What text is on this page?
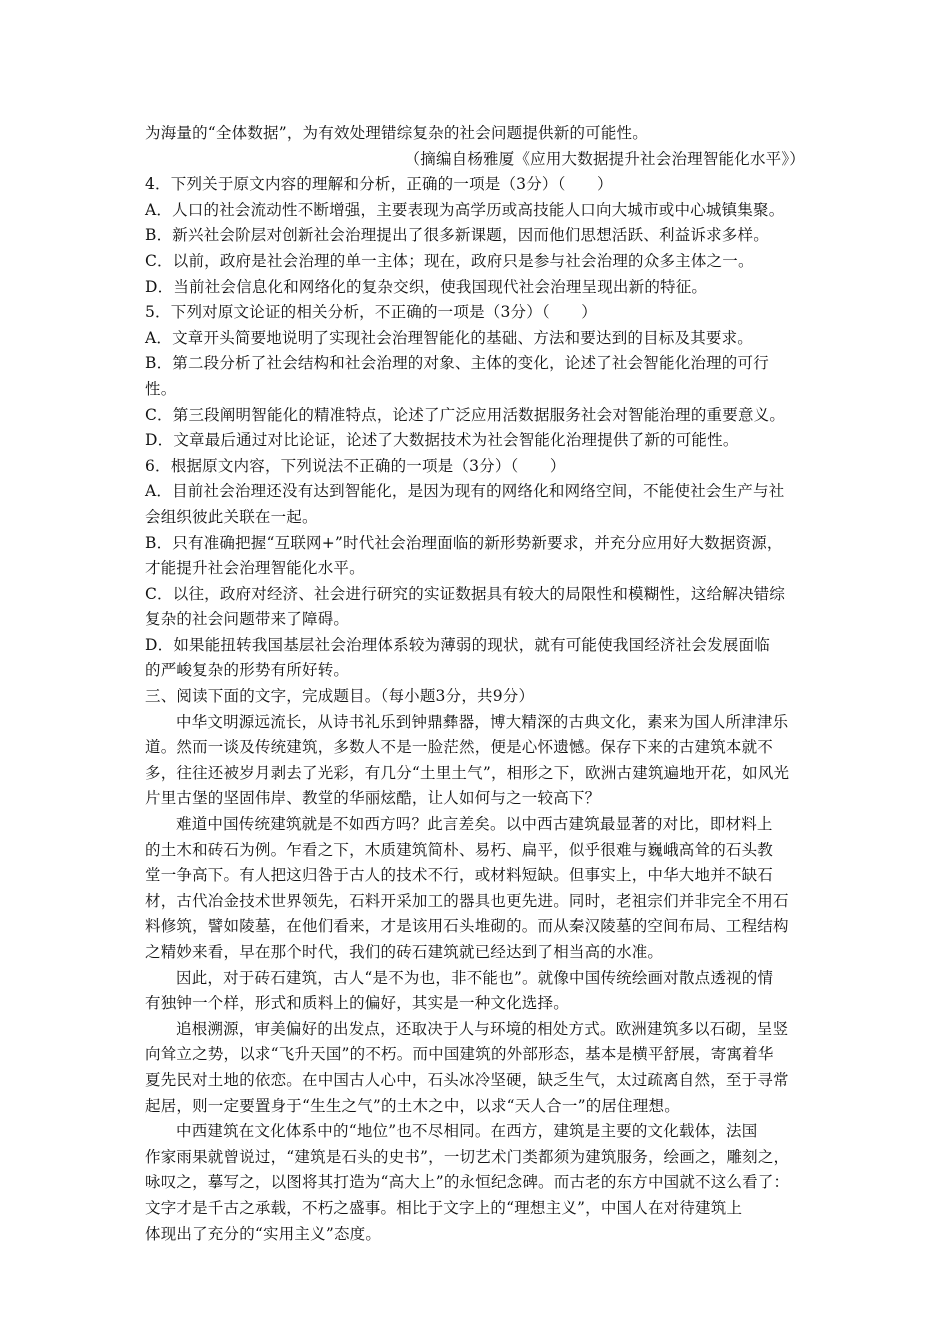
为海量的“全体数据”，为有效处理错综复杂的社会问题提供新的可能性。
（摘编自杨雅厦《应用大数据提升社会治理智能化水平》）
4．下列关于原文内容的理解和分析，正确的一项是（3分）（　　）
A．人口的社会流动性不断增强，主要表现为高学历或高技能人口向大城市或中心城镇集聚。
B．新兴社会阶层对创新社会治理提出了很多新课题，因而他们思想活跃、利益诉求多样。
C．以前，政府是社会治理的单一主体；现在，政府只是参与社会治理的众多主体之一。
D．当前社会信息化和网络化的复杂交织，使我国现代社会治理呈现出新的特征。
5．下列对原文论证的相关分析，不正确的一项是（3分）（　　）
A．文章开头简要地说明了实现社会治理智能化的基础、方法和要达到的目标及其要求。
B．第二段分析了社会结构和社会治理的对象、主体的变化，论述了社会智能化治理的可行
性。
C．第三段阐明智能化的精准特点，论述了广泛应用活数据服务社会对智能治理的重要意义。
D．文章最后通过对比论证，论述了大数据技术为社会智能化治理提供了新的可能性。
6．根据原文内容，下列说法不正确的一项是（3分）（　　）
A．目前社会治理还没有达到智能化，是因为现有的网络化和网络空间，不能使社会生产与社
会组织彼此关联在一起。
B．只有准确把握“互联网+”时代社会治理面临的新形势新要求，并充分应用好大数据资源，
才能提升社会治理智能化水平。
C．以往，政府对经济、社会进行研究的实证数据具有较大的局限性和模糊性，这给解决错综
复杂的社会问题带来了障碍。
D．如果能扭转我国基层社会治理体系较为薄弱的现状，就有可能使我国经济社会发展面临
的严峻复杂的形势有所好转。
三、阅读下面的文字，完成题目。（每小题3分，共9分）
中华文明源远流长，从诗书礼乐到钟鼎彝器，博大精深的古典文化，素来为国人所津津乐
道。然而一谈及传统建筑，多数人不是一脸茫然，便是心怀遗憾。保存下来的古建筑本就不
多，往往还被岁月剥去了光彩，有几分“土里土气”，相形之下，欧洲古建筑遍地开花，如风光
片里古堡的坚固伟岸、教堂的华丽炫酷，让人如何与之一较高下？
难道中国传统建筑就是不如西方吗？此言差矣。以中西古建筑最显著的对比，即材料上
的土木和砖石为例。乍看之下，木质建筑简朴、易朽、扁平，似乎很难与巍峨高耸的石头教
堂一争高下。有人把这归咎于古人的技术不行，或材料短缺。但事实上，中华大地并不缺石
材，古代冶金技术世界领先，石料开采加工的器具也更先进。同时，老祖宗们并非完全不用石
料修筑，譬如陵墓，在他们看来，才是该用石头堆砌的。而从秦汉陵墓的空间布局、工程结构
之精妙来看，早在那个时代，我们的砖石建筑就已经达到了相当高的水准。
因此，对于砖石建筑，古人“是不为也，非不能也”。就像中国传统绘画对散点透视的情
有独钟一个样，形式和质料上的偏好，其实是一种文化选择。
追根溯源，审美偏好的出发点，还取决于人与环境的相处方式。欧洲建筑多以石砌，呈竖
向耸立之势，以求“飞升天国”的不朽。而中国建筑的外部形态，基本是横平舒展，寄寓着华
夏先民对土地的依恋。在中国古人心中，石头冰冷坚硬，缺乏生气，太过疏离自然，至于寻常
起居，则一定要置身于“生生之气”的土木之中，以求“天人合一”的居住理想。
中西建筑在文化体系中的“地位”也不尽相同。在西方，建筑是主要的文化载体，法国
作家雨果就曾说过，“建筑是石头的史书”，一切艺术门类都须为建筑服务，绘画之，雕刻之，
咏叹之，摹写之，以图将其打造为“高大上”的永恒纪念碑。而古老的东方中国就不这么看了：
文字才是千古之承载，不朽之盛事。相比于文字上的“理想主义”，中国人在对待建筑上
体现出了充分的“实用主义”态度。
